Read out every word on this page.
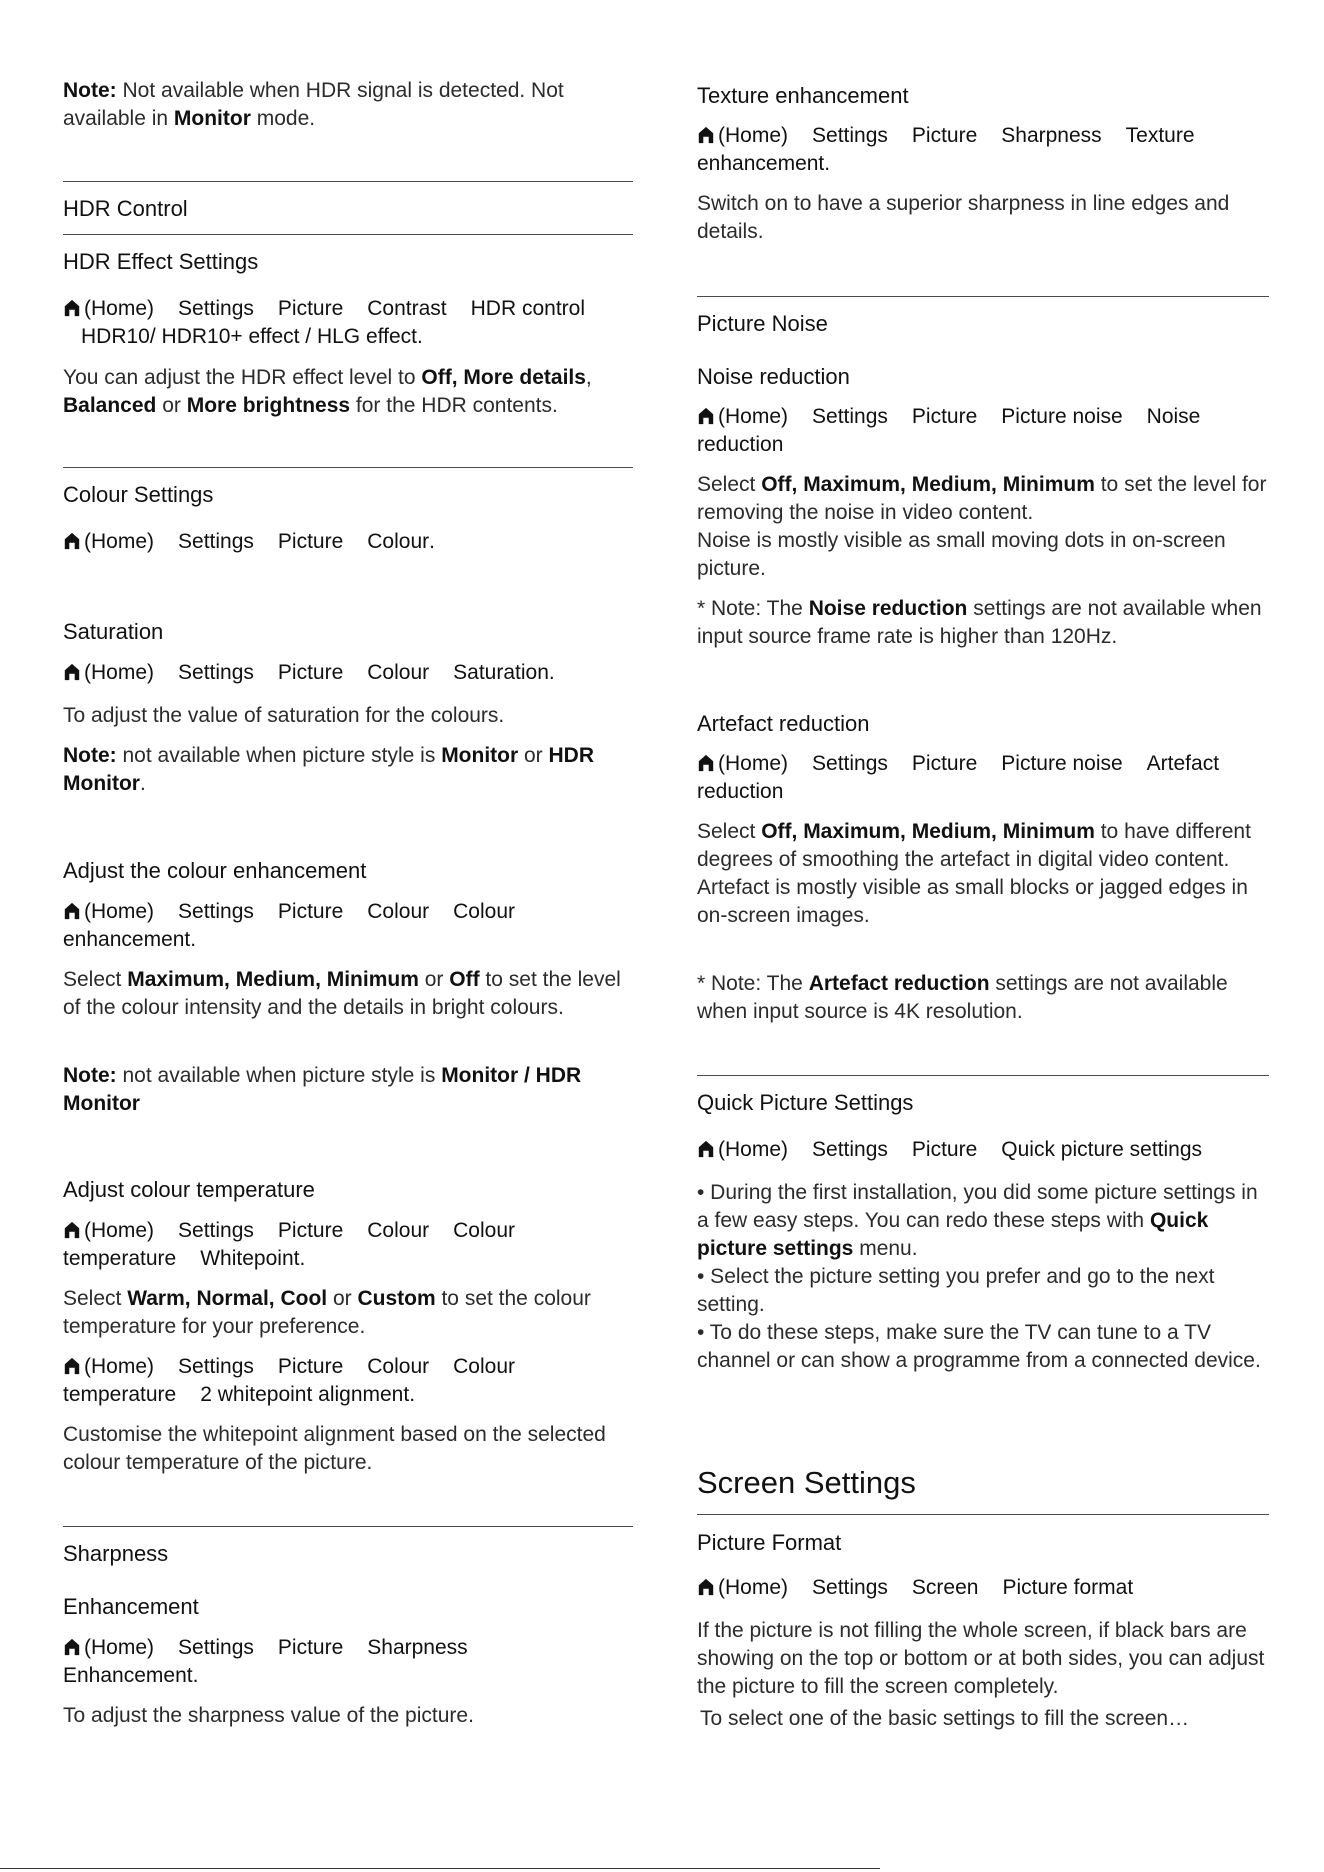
Note: Not available when HDR signal is detected. Not available in Monitor mode.
HDR Control
HDR Effect Settings
(Home) Settings Picture Contrast HDR control
HDR10/ HDR10+ effect / HLG effect.
You can adjust the HDR effect level to Off, More details, Balanced or More brightness for the HDR contents.
Colour Settings
(Home) Settings Picture Colour.
Saturation
(Home) Settings Picture Colour Saturation.
To adjust the value of saturation for the colours.
Note: not available when picture style is Monitor or HDR Monitor.
Adjust the colour enhancement
(Home) Settings Picture Colour Colour enhancement.
Select Maximum, Medium, Minimum or Off to set the level of the colour intensity and the details in bright colours.
Note: not available when picture style is Monitor / HDR Monitor
Adjust colour temperature
(Home) Settings Picture Colour Colour temperature Whitepoint.
Select Warm, Normal, Cool or Custom to set the colour temperature for your preference.
(Home) Settings Picture Colour Colour temperature 2 whitepoint alignment.
Customise the whitepoint alignment based on the selected colour temperature of the picture.
Sharpness
Enhancement
(Home) Settings Picture Sharpness
Enhancement.
To adjust the sharpness value of the picture.
Texture enhancement
(Home) Settings Picture Sharpness Texture enhancement.
Switch on to have a superior sharpness in line edges and details.
Picture Noise
Noise reduction
(Home) Settings Picture Picture noise Noise reduction
Select Off, Maximum, Medium, Minimum to set the level for removing the noise in video content.
Noise is mostly visible as small moving dots in on-screen picture.
* Note: The Noise reduction settings are not available when input source frame rate is higher than 120Hz.
Artefact reduction
(Home) Settings Picture Picture noise Artefact reduction
Select Off, Maximum, Medium, Minimum to have different degrees of smoothing the artefact in digital video content.
Artefact is mostly visible as small blocks or jagged edges in on-screen images.
* Note: The Artefact reduction settings are not available when input source is 4K resolution.
Quick Picture Settings
(Home) Settings Picture Quick picture settings
• During the first installation, you did some picture settings in a few easy steps. You can redo these steps with Quick picture settings menu.
• Select the picture setting you prefer and go to the next setting.
• To do these steps, make sure the TV can tune to a TV channel or can show a programme from a connected device.
Screen Settings
Picture Format
(Home) Settings Screen Picture format
If the picture is not filling the whole screen, if black bars are showing on the top or bottom or at both sides, you can adjust the picture to fill the screen completely.
To select one of the basic settings to fill the screen…
